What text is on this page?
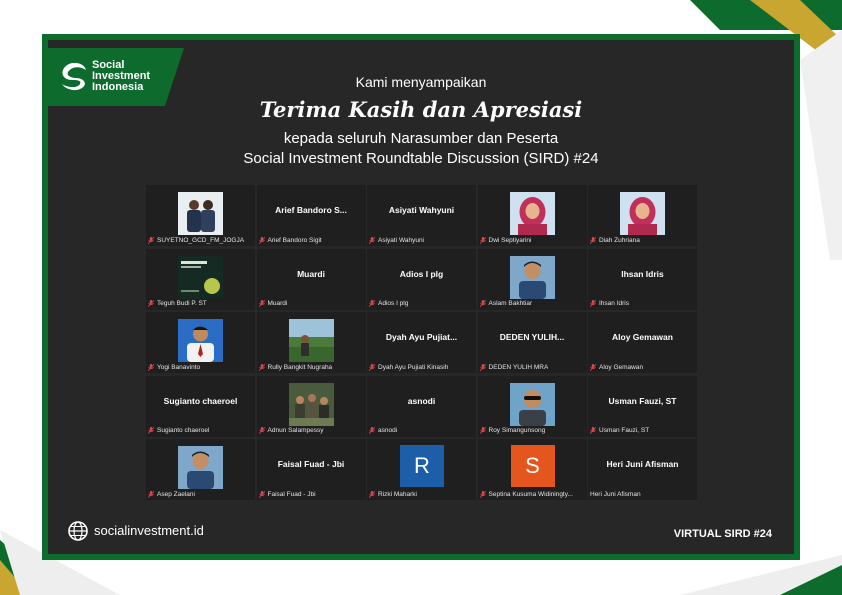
Social
Investment
Indonesia	Kami menyampaikan
Terima Kasih dan Apresiasi
kepada seluruh Narasumber dan Peserta
Social Investment Roundtable Discussion (SIRD) #24
SUYETNO_GCD_FM_JOGJA
Arief Bandoro S...
Arief Bandoro Sigit
Asiyati Wahyuni
Asiyati Wahyuni	Dwi Septiyarini	Diah Zuhriana
Teguh Budi P. ST
Muardi
Muardi
Adios I plg
Adios I plg	Aslam Bakhtiar
Ihsan Idris
Ihsan Idris
Yogi Banavinto	Rully Bangkit Nugraha
Dyah Ayu Pujiat...
Dyah Ayu Pujiati Kinasih
DEDEN YULIH...
DEDEN YULIH MRA
Aloy Gemawan
Aloy Gemawan
Sugianto chaeroel
Sugianto chaeroel	Adnun Salampessy
asnodi
asnodi	Roy Simangunsong
Usman Fauzi, ST
Usman Fauzi, ST
Asep Zaelani
Faisal Fuad - Jbi
Faisal Fuad - Jbi
R
Rizki Maharki
S
Septina Kusuma Widiningty...
Heri Juni Afisman
Heri Juni Afisman
socialinvestment.id	VIRTUAL SIRD #24
